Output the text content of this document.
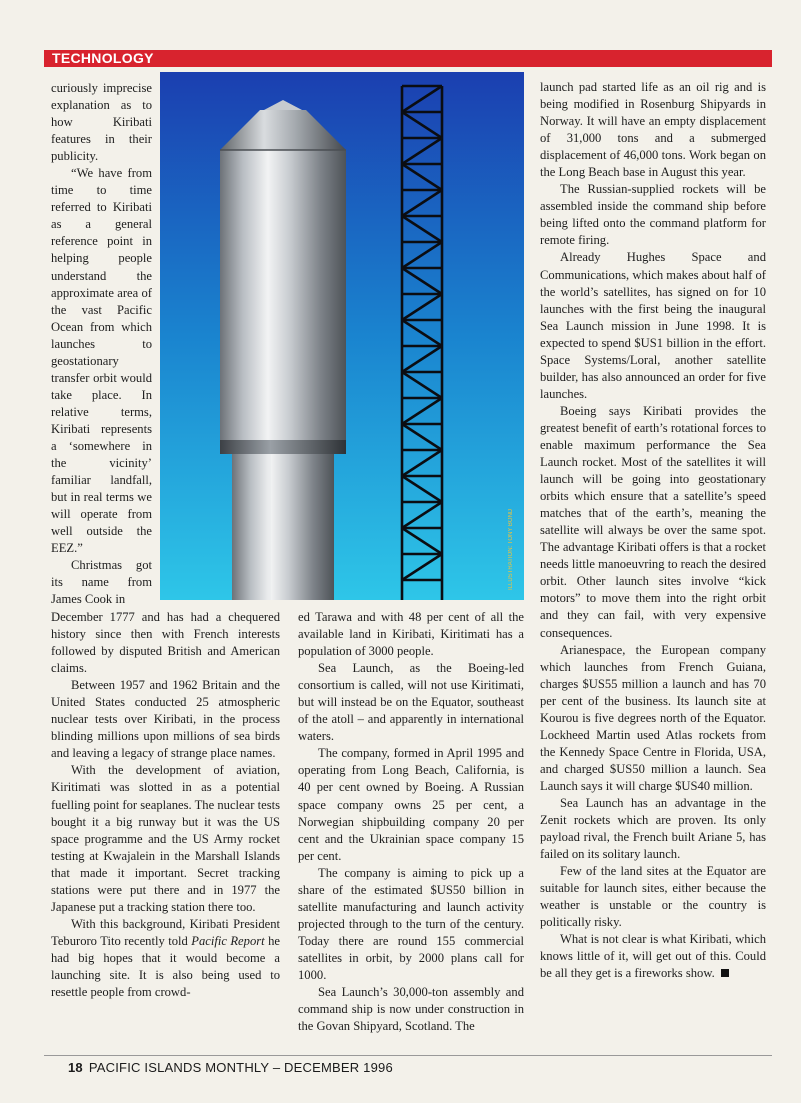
TECHNOLOGY
ILLUSTRATION: TONY BOND

curiously imprecise explanation as to how Kiribati features in their publicity.

“We have from time to time referred to Kiribati as a general reference point in helping people understand the approximate area of the vast Pacific Ocean from which launches to geostationary transfer orbit would take place. In relative terms, Kiribati represents a ‘somewhere in the vicinity’ familiar landfall, but in real terms we will operate from well outside the EEZ.”

Christmas got its name from James Cook in

December 1777 and has had a chequered history since then with French interests followed by disputed British and American claims.

Between 1957 and 1962 Britain and the United States conducted 25 atmospheric nuclear tests over Kiribati, in the process blinding millions upon millions of sea birds and leaving a legacy of strange place names.

With the development of aviation, Kiritimati was slotted in as a potential fuelling point for seaplanes. The nuclear tests bought it a big runway but it was the US space programme and the US Army rocket testing at Kwajalein in the Marshall Islands that made it important. Secret tracking stations were put there and in 1977 the Japanese put a tracking station there too.

With this background, Kiribati President Teburoro Tito recently told Pacific Report he had big hopes that it would become a launching site. It is also being used to resettle people from crowd-

ed Tarawa and with 48 per cent of all the available land in Kiribati, Kiritimati has a population of 3000 people.

Sea Launch, as the Boeing-led consortium is called, will not use Kiritimati, but will instead be on the Equator, southeast of the atoll – and apparently in international waters.

The company, formed in April 1995 and operating from Long Beach, California, is 40 per cent owned by Boeing. A Russian space company owns 25 per cent, a Norwegian shipbuilding company 20 per cent and the Ukrainian space company 15 per cent.

The company is aiming to pick up a share of the estimated $US50 billion in satellite manufacturing and launch activity projected through to the turn of the century. Today there are round 155 commercial satellites in orbit, by 2000 plans call for 1000.

Sea Launch’s 30,000-ton assembly and command ship is now under construction in the Govan Shipyard, Scotland. The

launch pad started life as an oil rig and is being modified in Rosenburg Shipyards in Norway. It will have an empty displacement of 31,000 tons and a submerged displacement of 46,000 tons. Work began on the Long Beach base in August this year.

The Russian-supplied rockets will be assembled inside the command ship before being lifted onto the command platform for remote firing.

Already Hughes Space and Communications, which makes about half of the world’s satellites, has signed on for 10 launches with the first being the inaugural Sea Launch mission in June 1998. It is expected to spend $US1 billion in the effort. Space Systems/Loral, another satellite builder, has also announced an order for five launches.

Boeing says Kiribati provides the greatest benefit of earth’s rotational forces to enable maximum performance the Sea Launch rocket. Most of the satellites it will launch will be going into geostationary orbits which ensure that a satellite’s speed matches that of the earth’s, meaning the satellite will always be over the same spot. The advantage Kiribati offers is that a rocket needs little manoeuvring to reach the desired orbit. Other launch sites involve “kick motors” to move them into the right orbit and they can fail, with very expensive consequences.

Arianespace, the European company which launches from French Guiana, charges $US55 million a launch and has 70 per cent of the business. Its launch site at Kourou is five degrees north of the Equator. Lockheed Martin used Atlas rockets from the Kennedy Space Centre in Florida, USA, and charged $US50 million a launch. Sea Launch says it will charge $US40 million.

Sea Launch has an advantage in the Zenit rockets which are proven. Its only payload rival, the French built Ariane 5, has failed on its solitary launch.

Few of the land sites at the Equator are suitable for launch sites, either because the weather is unstable or the country is politically risky.

What is not clear is what Kiribati, which knows little of it, will get out of this. Could be all they get is a fireworks show.

18 PACIFIC ISLANDS MONTHLY – DECEMBER 1996
